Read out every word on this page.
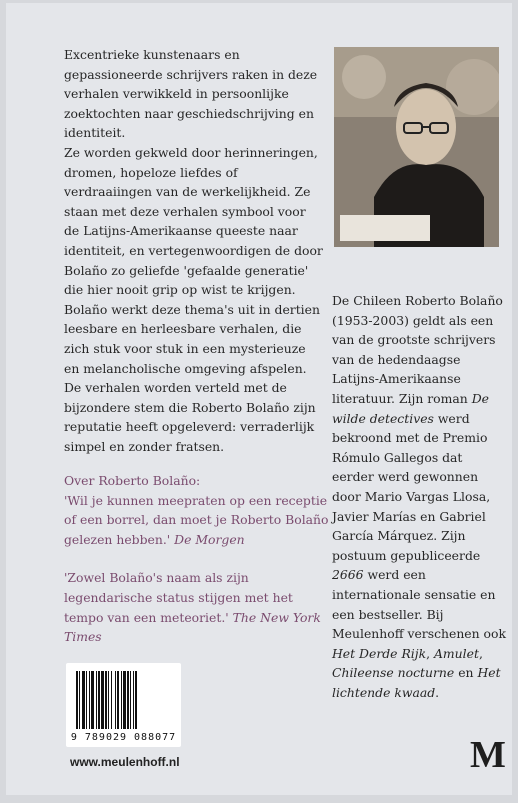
Excentrieke kunstenaars en gepassioneerde schrijvers raken in deze verhalen verwikkeld in persoonlijke zoektochten naar geschiedschrijving en identiteit.

Ze worden gekweld door herinneringen, dromen, hopeloze liefdes of verdraaiingen van de werkelijkheid. Ze staan met deze verhalen symbool voor de Latijns-Amerikaanse queeste naar identiteit, en vertegenwoordigen de door Bolaño zo geliefde 'gefaalde generatie' die hier nooit grip op wist te krijgen. Bolaño werkt deze thema's uit in dertien leesbare en herleesbare verhalen, die zich stuk voor stuk in een mysterieuze en melancholische omgeving afspelen.

De verhalen worden verteld met de bijzondere stem die Roberto Bolaño zijn reputatie heeft opgeleverd: verraderlijk simpel en zonder fratsen.

Over Roberto Bolaño:

'Wil je kunnen meepraten op een receptie of een borrel, dan moet je Roberto Bolaño gelezen hebben.' De Morgen

'Zowel Bolaño's naam als zijn legendarische status stijgen met het tempo van een meteoriet.' The New York Times

De Chileen Roberto Bolaño (1953-2003) geldt als een van de grootste schrijvers van de hedendaagse Latijns-Amerikaanse literatuur. Zijn roman De wilde detectives werd bekroond met de Premio Rómulo Gallegos dat eerder werd gewonnen door Mario Vargas Llosa, Javier Marías en Gabriel García Márquez. Zijn postuum gepubliceerde 2666 werd een internationale sensatie en een bestseller. Bij Meulenhoff verschenen ook Het Derde Rijk, Amulet, Chileense nocturne en Het lichtende kwaad.

9 789029 088077
www.meulenhoff.nl	M
